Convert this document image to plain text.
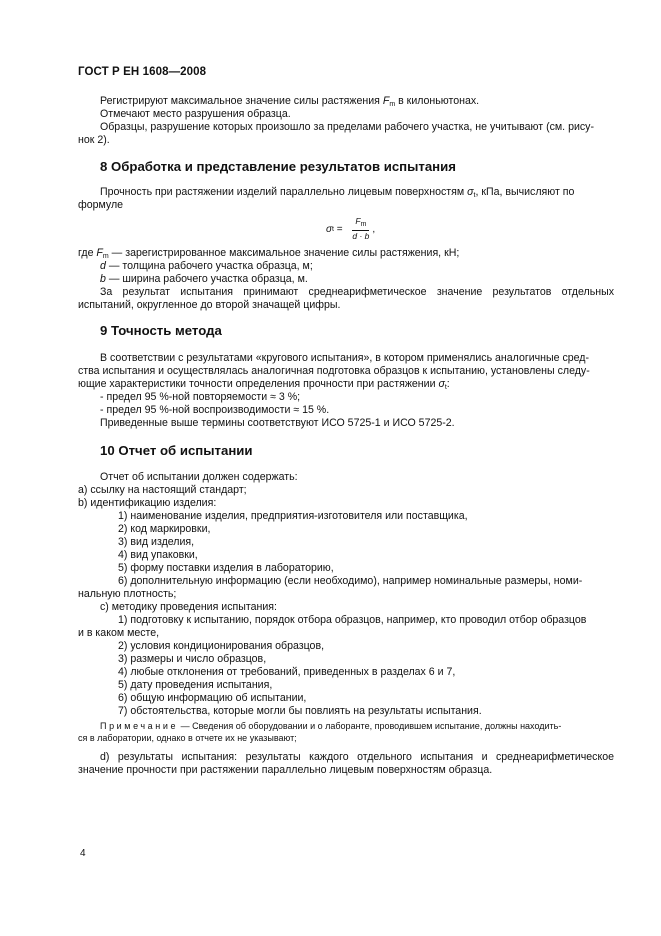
ГОСТ Р ЕН 1608—2008
Регистрируют максимальное значение силы растяжения $F_m$ в килоньютонах.
Отмечают место разрушения образца.
Образцы, разрушение которых произошло за пределами рабочего участка, не учитывают (см. рису-
нок 2).
8 Обработка и представление результатов испытания
Прочность при растяжении изделий параллельно лицевым поверхностям $\sigma_t$, кПа, вычисляют по
формуле
σ $t = \frac{F_m}{d \cdot b}$ ,
где $F_m$ — зарегистрированное максимальное значение силы растяжения, кН;
d — толщина рабочего участка образца, м;
b — ширина рабочего участка образца, м.
За результат испытания принимают среднеарифметическое значение результатов отдельных
испытаний, округленное до второй значащей цифры.
9 Точность метода
В соответствии с результатами «кругового испытания», в котором применялись аналогичные сред-
ства испытания и осуществлялась аналогичная подготовка образцов к испытанию, установлены следу-
ющие характеристики точности определения прочности при растяжении $\sigma_t$:
- предел 95 %-ной повторяемости ≈ 3 %;
- предел 95 %-ной воспроизводимости ≈ 15 %.
Приведенные выше термины соответствуют ИСО 5725-1 и ИСО 5725-2.
10 Отчет об испытании
Отчет об испытании должен содержать:
a) ссылку на настоящий стандарт;
b) идентификацию изделия:
1) наименование изделия, предприятия-изготовителя или поставщика,
2) код маркировки,
3) вид изделия,
4) вид упаковки,
5) форму поставки изделия в лабораторию,
6) дополнительную информацию (если необходимо), например номинальные размеры, номи-
нальную плотность;
c) методику проведения испытания:
1) подготовку к испытанию, порядок отбора образцов, например, кто проводил отбор образцов
и в каком месте,
2) условия кондиционирования образцов,
3) размеры и число образцов,
4) любые отклонения от требований, приведенных в разделах 6 и 7,
5) дату проведения испытания,
6) общую информацию об испытании,
7) обстоятельства, которые могли бы повлиять на результаты испытания.
Примечание — Сведения об оборудовании и о лаборанте, проводившем испытание, должны находить-
ся в лаборатории, однако в отчете их не указывают;
d) результаты испытания: результаты каждого отдельного испытания и среднеарифметическое
значение прочности при растяжении параллельно лицевым поверхностям образца.
4
